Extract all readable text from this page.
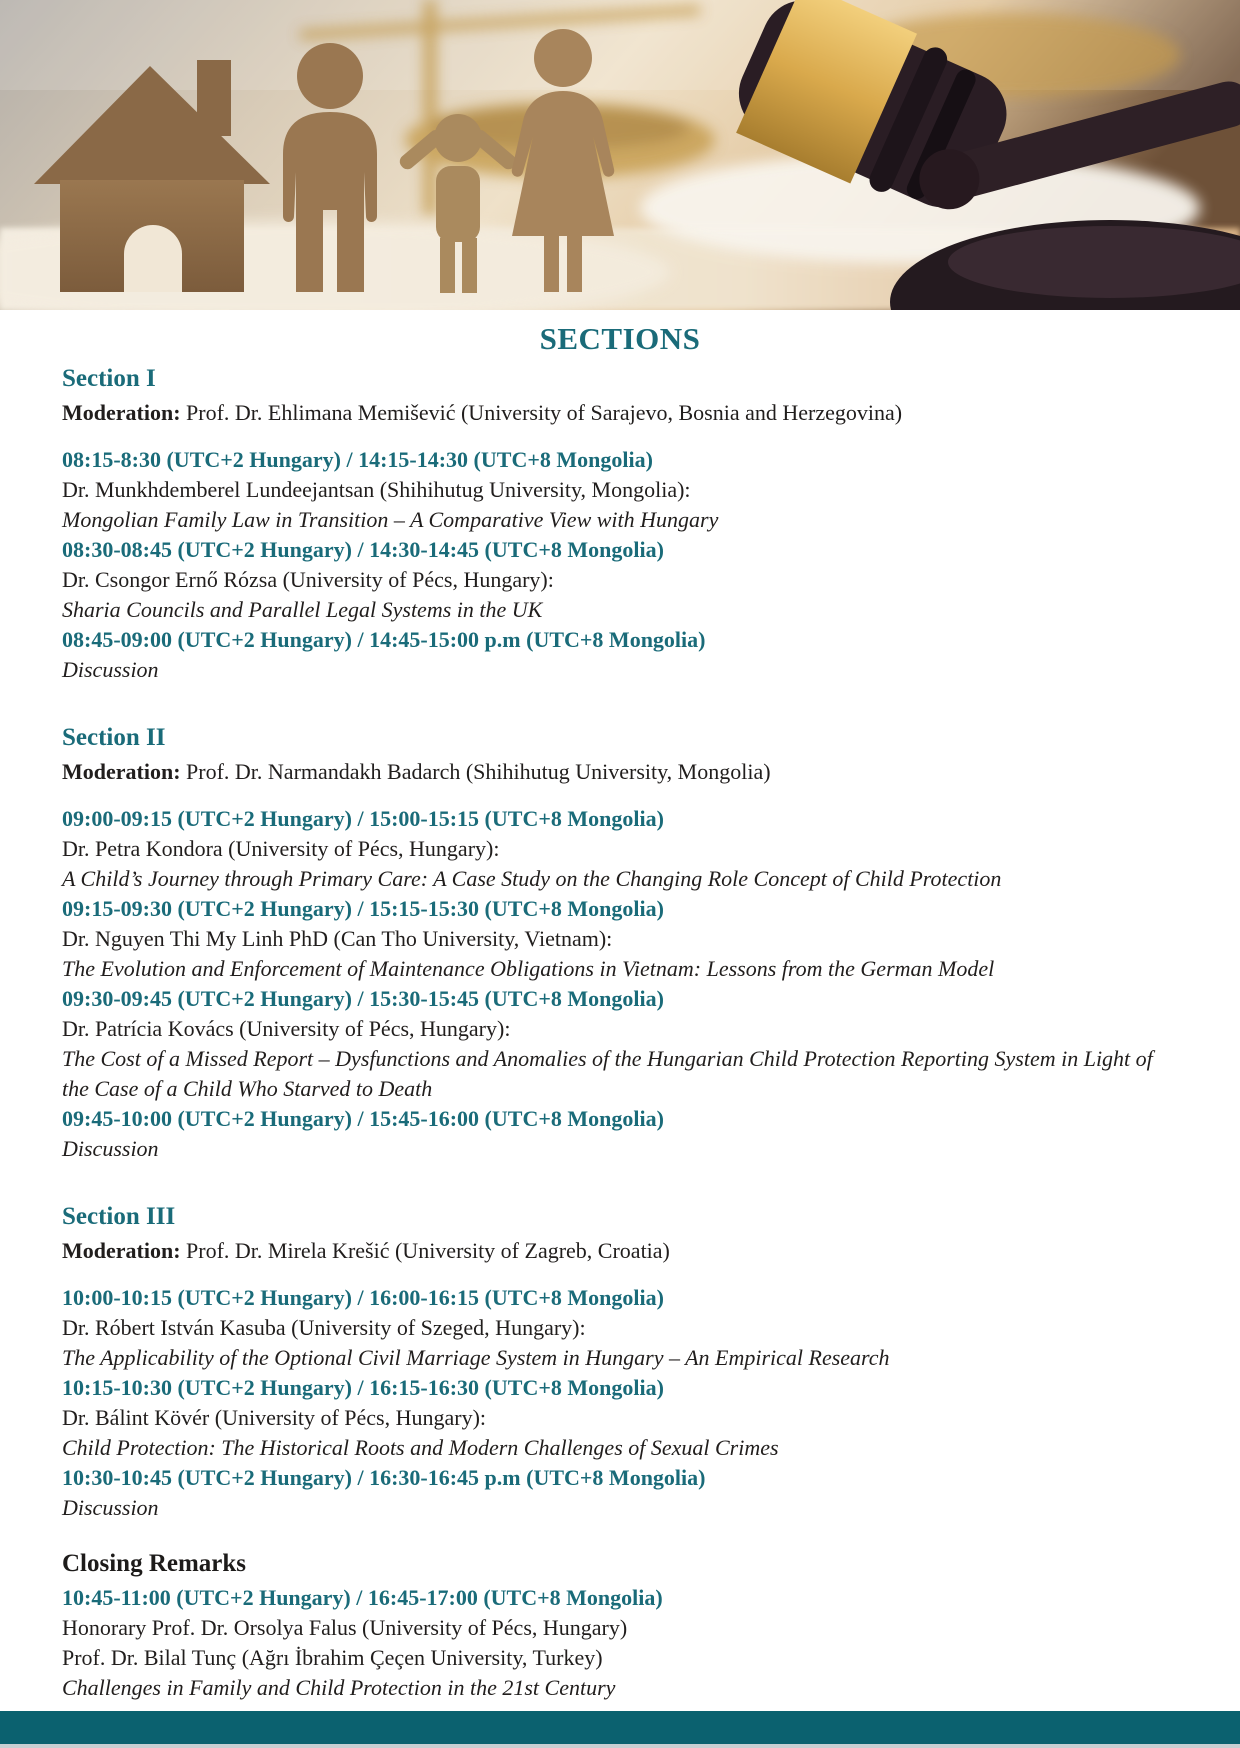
SECTIONS
Section I

Moderation: Prof. Dr. Ehlimana Memišević (University of Sarajevo, Bosnia and Herzegovina)

08:15-8:30 (UTC+2 Hungary) / 14:15-14:30 (UTC+8 Mongolia)

Dr. Munkhdemberel Lundeejantsan (Shihihutug University, Mongolia):

Mongolian Family Law in Transition – A Comparative View with Hungary

08:30-08:45 (UTC+2 Hungary) / 14:30-14:45 (UTC+8 Mongolia)

Dr. Csongor Ernő Rózsa (University of Pécs, Hungary):

Sharia Councils and Parallel Legal Systems in the UK

08:45-09:00 (UTC+2 Hungary) / 14:45-15:00 p.m (UTC+8 Mongolia)

Discussion

Section II

Moderation: Prof. Dr. Narmandakh Badarch (Shihihutug University, Mongolia)

09:00-09:15 (UTC+2 Hungary) / 15:00-15:15 (UTC+8 Mongolia)

Dr. Petra Kondora (University of Pécs, Hungary):

A Child’s Journey through Primary Care: A Case Study on the Changing Role Concept of Child Protection

09:15-09:30 (UTC+2 Hungary) / 15:15-15:30 (UTC+8 Mongolia)

Dr. Nguyen Thi My Linh PhD (Can Tho University, Vietnam):

The Evolution and Enforcement of Maintenance Obligations in Vietnam: Lessons from the German Model

09:30-09:45 (UTC+2 Hungary) / 15:30-15:45 (UTC+8 Mongolia)

Dr. Patrícia Kovács (University of Pécs, Hungary):

The Cost of a Missed Report – Dysfunctions and Anomalies of the Hungarian Child Protection Reporting System in Light of the Case of a Child Who Starved to Death

09:45-10:00 (UTC+2 Hungary) / 15:45-16:00 (UTC+8 Mongolia)

Discussion

Section III

Moderation: Prof. Dr. Mirela Krešić (University of Zagreb, Croatia)

10:00-10:15 (UTC+2 Hungary) / 16:00-16:15 (UTC+8 Mongolia)

Dr. Róbert István Kasuba (University of Szeged, Hungary):

The Applicability of the Optional Civil Marriage System in Hungary – An Empirical Research

10:15-10:30 (UTC+2 Hungary) / 16:15-16:30 (UTC+8 Mongolia)

Dr. Bálint Kövér (University of Pécs, Hungary):

Child Protection: The Historical Roots and Modern Challenges of Sexual Crimes

10:30-10:45 (UTC+2 Hungary) / 16:30-16:45 p.m (UTC+8 Mongolia)

Discussion

Closing Remarks

10:45-11:00 (UTC+2 Hungary) / 16:45-17:00 (UTC+8 Mongolia)

Honorary Prof. Dr. Orsolya Falus (University of Pécs, Hungary)

Prof. Dr. Bilal Tunç (Ağrı İbrahim Çeçen University, Turkey)

Challenges in Family and Child Protection in the 21st Century
